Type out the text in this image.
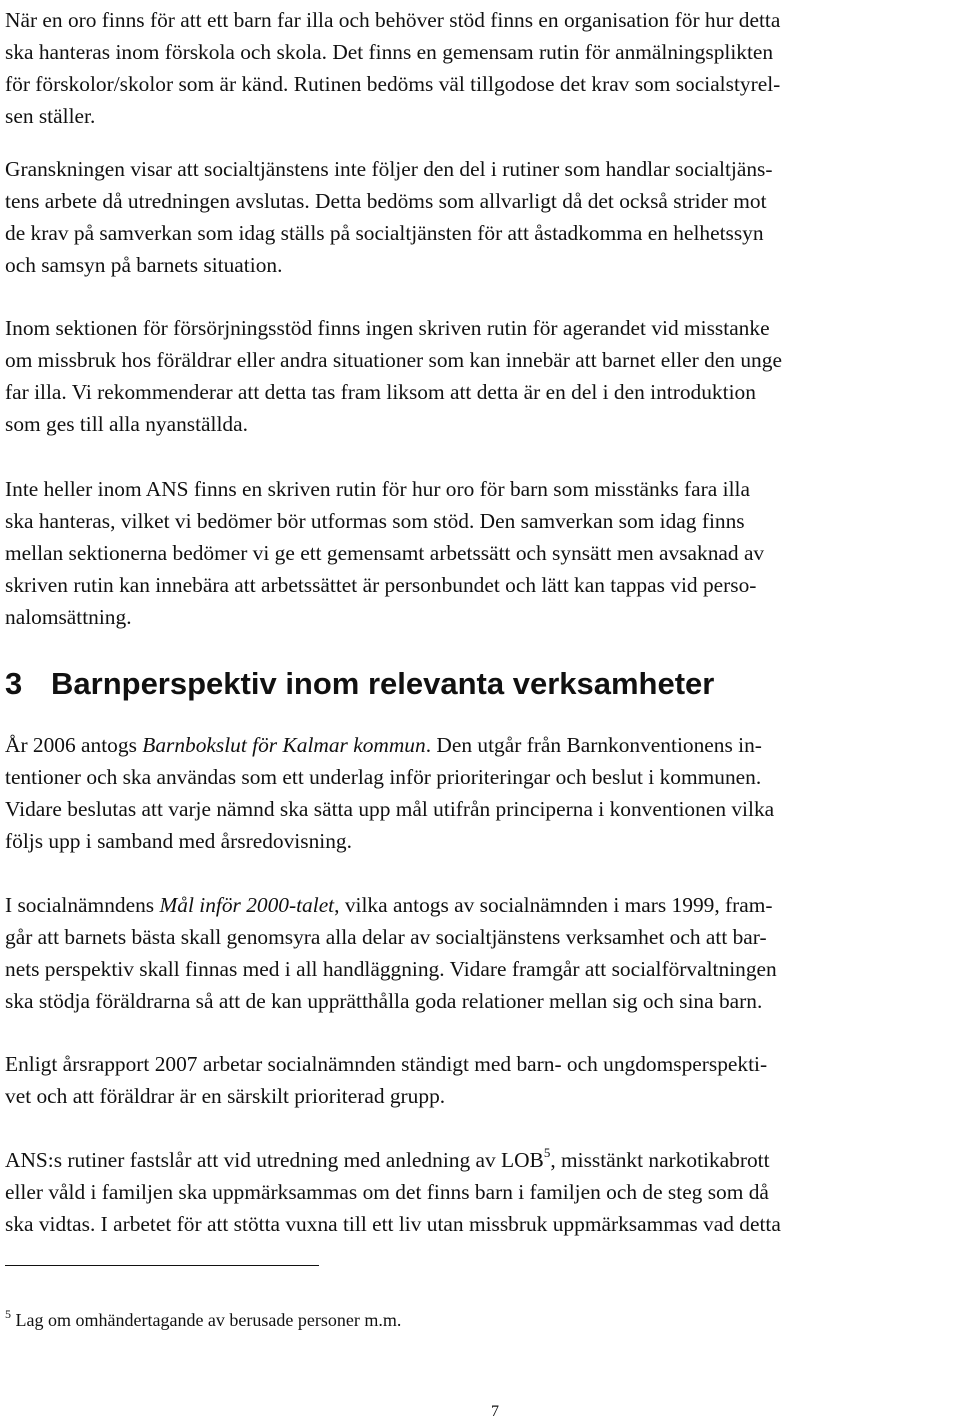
När en oro finns för att ett barn far illa och behöver stöd finns en organisation för hur detta
ska hanteras inom förskola och skola. Det finns en gemensam rutin för anmälningsplikten
för förskolor/skolor som är känd. Rutinen bedöms väl tillgodose det krav som socialstyrel-
sen ställer.
Granskningen visar att socialtjänstens inte följer den del i rutiner som handlar socialtjäns-
tens arbete då utredningen avslutas. Detta bedöms som allvarligt då det också strider mot
de krav på samverkan som idag ställs på socialtjänsten för att åstadkomma en helhetssyn
och samsyn på barnets situation.
Inom sektionen för försörjningsstöd finns ingen skriven rutin för agerandet vid misstanke
om missbruk hos föräldrar eller andra situationer som kan innebär att barnet eller den unge
far illa. Vi rekommenderar att detta tas fram liksom att detta är en del i den introduktion
som ges till alla nyanställda.
Inte heller inom ANS finns en skriven rutin för hur oro för barn som misstänks fara illa
ska hanteras, vilket vi bedömer bör utformas som stöd. Den samverkan som idag finns
mellan sektionerna bedömer vi ge ett gemensamt arbetssätt och synsätt men avsaknad av
skriven rutin kan innebära att arbetssättet är personbundet och lätt kan tappas vid perso-
nalomsättning.
3 Barnperspektiv inom relevanta verksamheter
År 2006 antogs Barnbokslut för Kalmar kommun. Den utgår från Barnkonventionens in-
tentioner och ska användas som ett underlag inför prioriteringar och beslut i kommunen.
Vidare beslutas att varje nämnd ska sätta upp mål utifrån principerna i konventionen vilka
följs upp i samband med årsredovisning.
I socialnämndens Mål inför 2000-talet, vilka antogs av socialnämnden i mars 1999, fram-
går att barnets bästa skall genomsyra alla delar av socialtjänstens verksamhet och att bar-
nets perspektiv skall finnas med i all handläggning. Vidare framgår att socialförvaltningen
ska stödja föräldrarna så att de kan upprätthålla goda relationer mellan sig och sina barn.
Enligt årsrapport 2007 arbetar socialnämnden ständigt med barn- och ungdomsperspekti-
vet och att föräldrar är en särskilt prioriterad grupp.
ANS:s rutiner fastslår att vid utredning med anledning av LOB$^5$, misstänkt narkotikabrott
eller våld i familjen ska uppmärksammas om det finns barn i familjen och de steg som då
ska vidtas. I arbetet för att stötta vuxna till ett liv utan missbruk uppmärksammas vad detta
$^5$ Lag om omhändertagande av berusade personer m.m.
7
